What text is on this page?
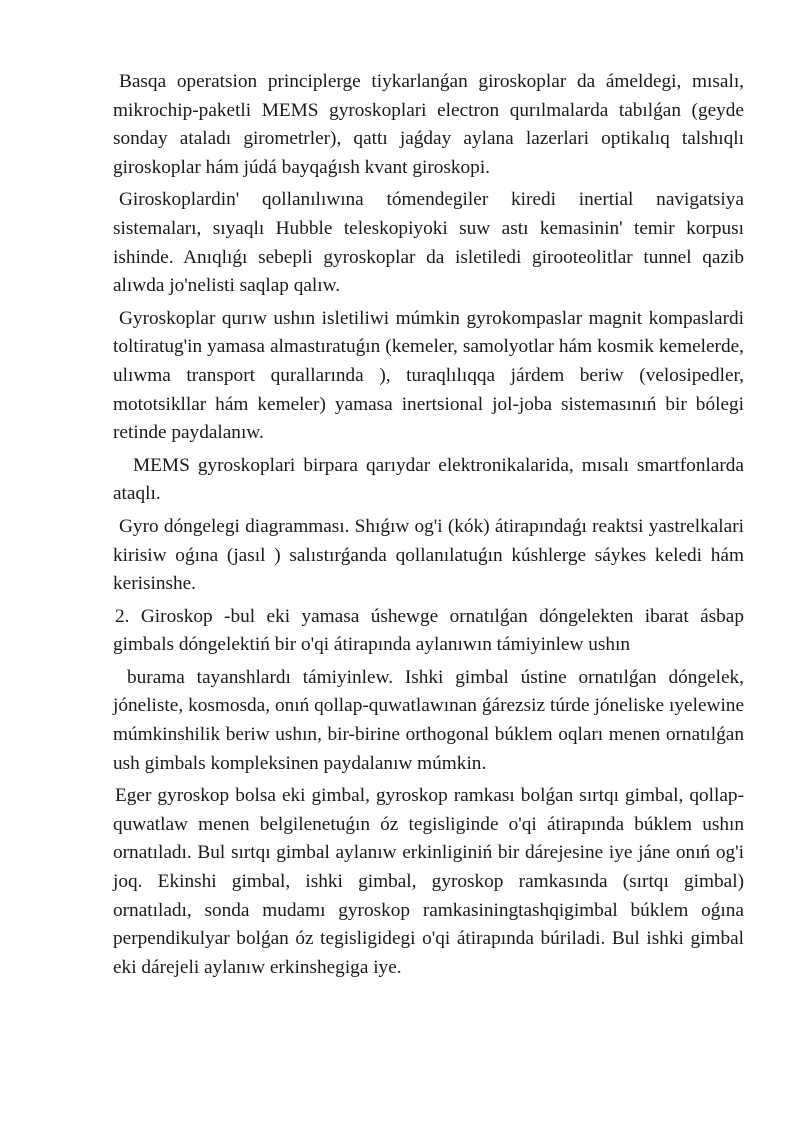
Basqa operatsion principlerge tiykarlanǵan giroskoplar da ámeldegi, mısalı, mikrochip-paketli MEMS gyroskoplari electron qurılmalarda tabılǵan (geyde sonday ataladı girometrler), qattı jaǵday aylana lazerlari optikalıq talshıqlı giroskoplar hám júdá bayqaǵısh kvant giroskopi.

Giroskoplardin' qollanılıwına tómendegiler kiredi inertial navigatsiya sistemaları, sıyaqlı Hubble teleskopiyoki suw astı kemasinin' temir korpusı ishinde. Anıqlıǵı sebepli gyroskoplar da isletiledi girooteolitlar tunnel qazib alıwda jo'nelisti saqlap qalıw.

Gyroskoplar qurıw ushın isletiliwi múmkin gyrokompaslar magnit kompaslardi toltiratug'in yamasa almastıratuǵın (kemeler, samolyotlar hám kosmik kemelerde, ulıwma transport qurallarında ), turaqlılıqqa járdem beriw (velosipedler, mototsikllar hám kemeler) yamasa inertsional jol-joba sistemasınıń bir bólegi retinde paydalanıw.

MEMS gyroskoplari birpara qarıydar elektronikalarida, mısalı smartfonlarda ataqlı.

Gyro dóngelegi diagramması. Shıǵıw og'i (kók) átirapındaǵı reaktsi yastrelkalari kirisiw oǵına (jasıl ) salıstırǵanda qollanılatuǵın kúshlerge sáykes keledi hám kerisinshe.

2. Giroskop -bul eki yamasa úshewge ornatılǵan dóngelekten ibarat ásbap gimbals dóngelektiń bir o'qi átirapında aylanıwın támiyinlew ushın

burama tayanshlardı támiyinlew. Ishki gimbal ústine ornatılǵan dóngelek, jóneliste, kosmosda, onıń qollap-quwatlawınan ǵárezsiz túrde jóneliske ıyelewine múmkinshilik beriw ushın, bir-birine orthogonal búklem oqları menen ornatılǵan ush gimbals kompleksinen paydalanıw múmkin.

Eger gyroskop bolsa eki gimbal, gyroskop ramkası bolǵan sırtqı gimbal, qollap-quwatlaw menen belgilenetuǵın óz tegisliginde o'qi átirapında búklem ushın ornatıladı. Bul sırtqı gimbal aylanıw erkinliginiń bir dárejesine iye jáne onıń og'i joq. Ekinshi gimbal, ishki gimbal, gyroskop ramkasında (sırtqı gimbal) ornatıladı, sonda mudamı gyroskop ramkasiningtashqigimbal búklem oǵına perpendikulyar bolǵan óz tegisligidegi o'qi átirapında búriladi. Bul ishki gimbal eki dárejeli aylanıw erkinshegiga iye.
